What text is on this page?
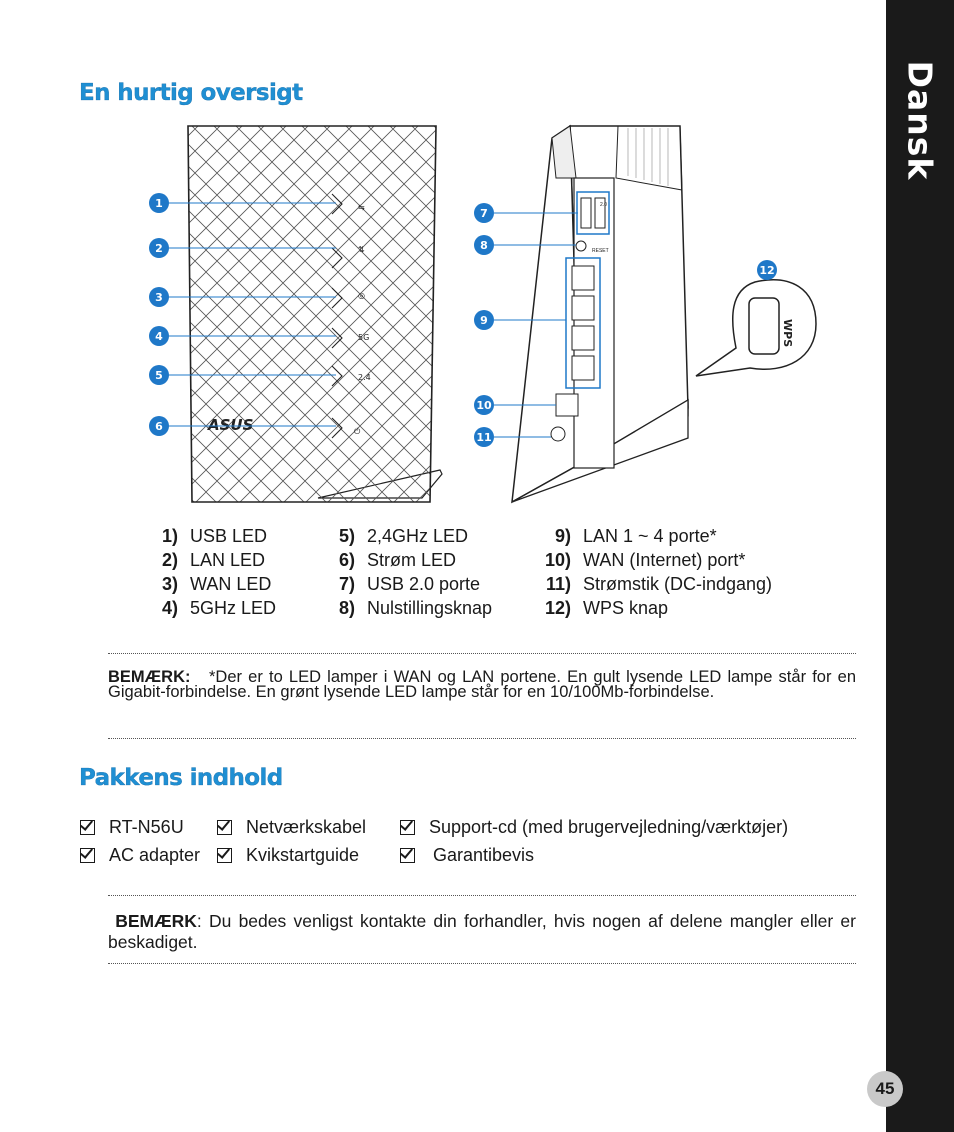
Dansk
45
En hurtig oversigt
⇆
⇅
◎
5G
2.4
⏻
ASUS
2.0
RESET
WPS
1
2
3
4
5
6
7
8
9
10
11
12
1) USB LED
2) LAN LED
3) WAN LED
4) 5GHz LED
5) 2,4GHz LED
6) Strøm LED
7) USB 2.0 porte
8) Nulstillingsknap
9) LAN 1 ~ 4 porte*
10) WAN (Internet) port*
11) Strømstik (DC-indgang)
12) WPS knap
BEMÆRK: *Der er to LED lamper i WAN og LAN portene. En gult lysende LED lampe står for en Gigabit-forbindelse. En grønt lysende LED lampe står for en 10/100Mb-forbindelse.
Pakkens indhold
RT-N56U	Netværkskabel	Support-cd (med brugervejledning/værktøjer)
AC adapter	Kvikstartguide	Garantibevis
BEMÆRK: Du bedes venligst kontakte din forhandler, hvis nogen af delene mangler eller er beskadiget.
